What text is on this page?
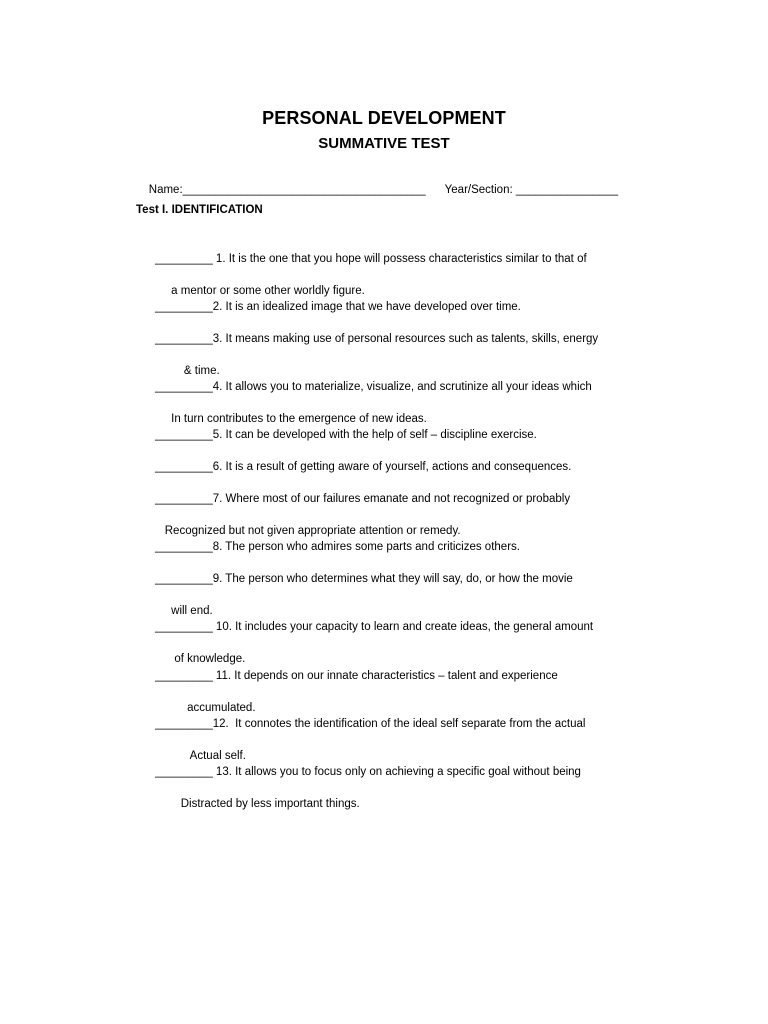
PERSONAL DEVELOPMENT
SUMMATIVE TEST

Name:______________________________________ Year/Section: ________________

Test I. IDENTIFICATION

_________ 1. It is the one that you hope will possess characteristics similar to that of

a mentor or some other worldly figure.

_________2. It is an idealized image that we have developed over time.

_________3. It means making use of personal resources such as talents, skills, energy

& time.

_________4. It allows you to materialize, visualize, and scrutinize all your ideas which

In turn contributes to the emergence of new ideas.

_________5. It can be developed with the help of self – discipline exercise.

_________6. It is a result of getting aware of yourself, actions and consequences.

_________7. Where most of our failures emanate and not recognized or probably

Recognized but not given appropriate attention or remedy.

_________8. The person who admires some parts and criticizes others.

_________9. The person who determines what they will say, do, or how the movie

will end.

_________ 10. It includes your capacity to learn and create ideas, the general amount

of knowledge.

_________ 11. It depends on our innate characteristics – talent and experience

accumulated.

_________12.  It connotes the identification of the ideal self separate from the actual

Actual self.

_________ 13. It allows you to focus only on achieving a specific goal without being

Distracted by less important things.
